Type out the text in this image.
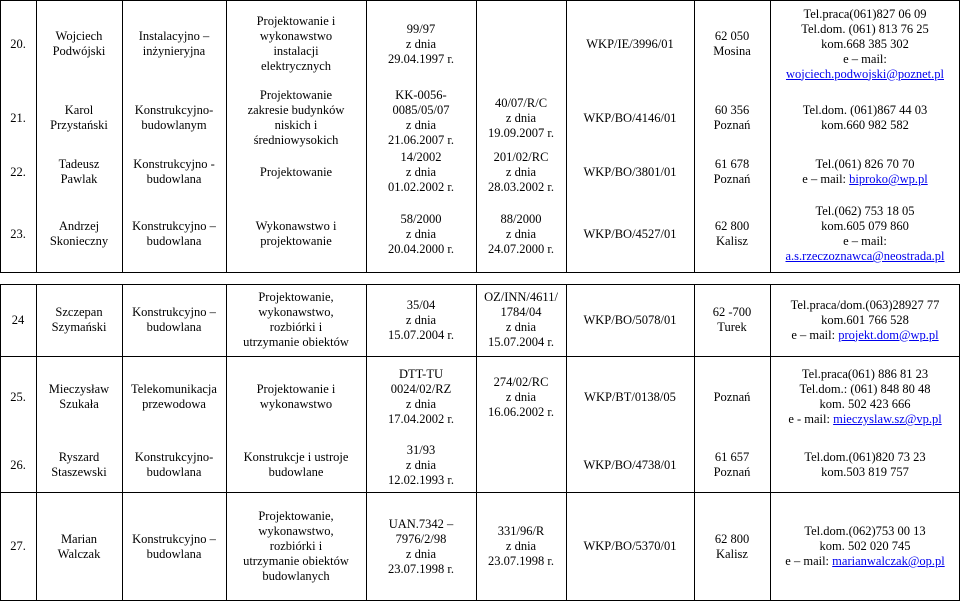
20.
Wojciech
Podwójski
Instalacyjno –
inżynieryjna
Projektowanie i
wykonawstwo
instalacji
elektrycznych
99/97
z dnia
29.04.1997 r.
WKP/IE/3996/01
62 050
Mosina
Tel.praca(061)827 06 09
Tel.dom. (061) 813 76 25
kom.668 385 302
e – mail:
wojciech.podwojski@poznet.pl
21.
Karol
Przystański
Konstrukcyjno-
budowlanym
Projektowanie
zakresie budynków
niskich i
średniowysokich
KK-0056-
0085/05/07
z dnia
21.06.2007 r.
40/07/R/C
z dnia
19.09.2007 r.
WKP/BO/4146/01
60 356
Poznań
Tel.dom. (061)867 44 03
kom.660 982 582
22.
Tadeusz
Pawlak
Konstrukcyjno -
budowlana
Projektowanie
14/2002
z dnia
01.02.2002 r.
201/02/RC
z dnia
28.03.2002 r.
WKP/BO/3801/01
61 678
Poznań
Tel.(061) 826 70 70
e – mail: biproko@wp.pl
23.
Andrzej
Skonieczny
Konstrukcyjno –
budowlana
Wykonawstwo i
projektowanie
58/2000
z dnia
20.04.2000 r.
88/2000
z dnia
24.07.2000 r.
WKP/BO/4527/01
62 800
Kalisz
Tel.(062) 753 18 05
kom.605 079 860
e – mail:
a.s.rzeczoznawca@neostrada.pl
24
Szczepan
Szymański
Konstrukcyjno –
budowlana
Projektowanie,
wykonawstwo,
rozbiórki i
utrzymanie obiektów
35/04
z dnia
15.07.2004 r.
OZ/INN/4611/
1784/04
z dnia
15.07.2004 r.
WKP/BO/5078/01
62 -700
Turek
Tel.praca/dom.(063)28927 77
kom.601 766 528
e – mail: projekt.dom@wp.pl
25.
Mieczysław
Szukała
Telekomunikacja
przewodowa
Projektowanie i
wykonawstwo
DTT-TU
0024/02/RZ
z dnia
17.04.2002 r.
274/02/RC
z dnia
16.06.2002 r.
WKP/BT/0138/05	Poznań
Tel.praca(061) 886 81 23
Tel.dom.: (061) 848 80 48
kom. 502 423 666
e - mail: mieczyslaw.sz@vp.pl
26.
Ryszard
Staszewski
Konstrukcyjno-
budowlana
Konstrukcje i ustroje
budowlane
31/93
z dnia
12.02.1993 r.
WKP/BO/4738/01
61 657
Poznań
Tel.dom.(061)820 73 23
kom.503 819 757
27.
Marian
Walczak
Konstrukcyjno –
budowlana
Projektowanie,
wykonawstwo,
rozbiórki i
utrzymanie obiektów
budowlanych
UAN.7342 –
7976/2/98
z dnia
23.07.1998 r.
331/96/R
z dnia
23.07.1998 r.
WKP/BO/5370/01
62 800
Kalisz
Tel.dom.(062)753 00 13
kom. 502 020 745
e – mail: marianwalczak@op.pl
